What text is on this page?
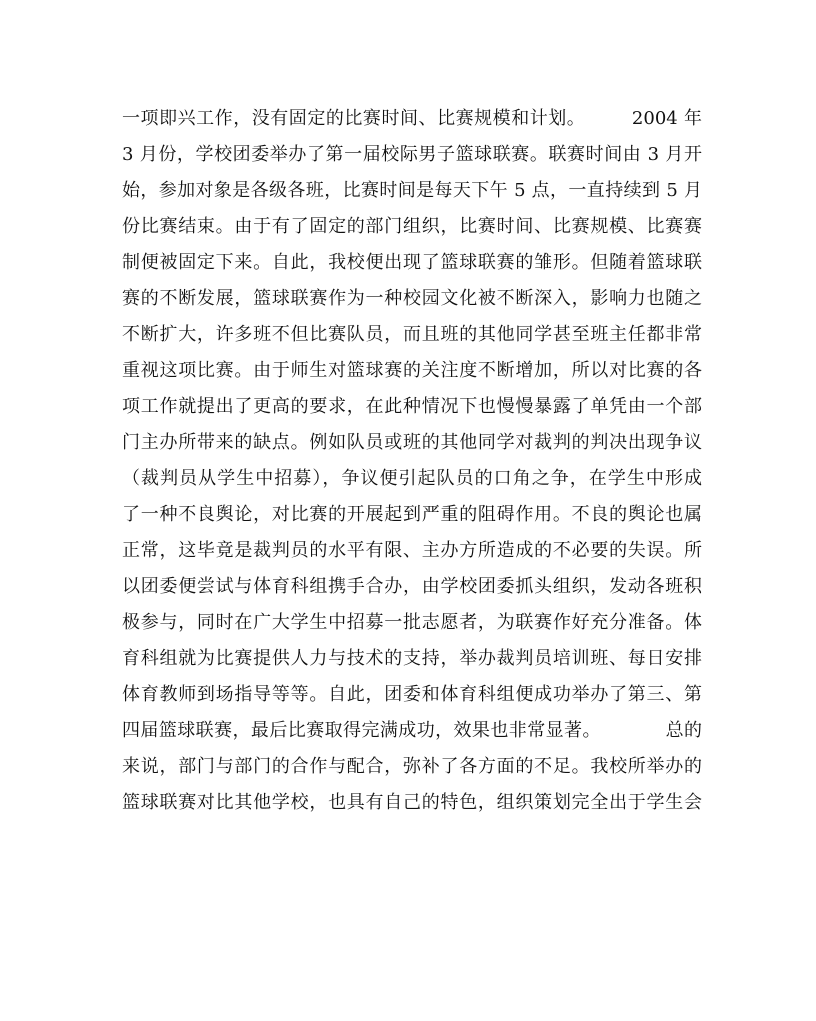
一项即兴工作，没有固定的比赛时间、比赛规模和计划。　　　2004 年
3 月份，学校团委举办了第一届校际男子篮球联赛。联赛时间由 3 月开
始，参加对象是各级各班，比赛时间是每天下午 5 点，一直持续到 5 月
份比赛结束。由于有了固定的部门组织，比赛时间、比赛规模、比赛赛
制便被固定下来。自此，我校便出现了篮球联赛的雏形。但随着篮球联
赛的不断发展，篮球联赛作为一种校园文化被不断深入，影响力也随之
不断扩大，许多班不但比赛队员，而且班的其他同学甚至班主任都非常
重视这项比赛。由于师生对篮球赛的关注度不断增加，所以对比赛的各
项工作就提出了更高的要求，在此种情况下也慢慢暴露了单凭由一个部
门主办所带来的缺点。例如队员或班的其他同学对裁判的判决出现争议
（裁判员从学生中招募），争议便引起队员的口角之争，在学生中形成
了一种不良舆论，对比赛的开展起到严重的阻碍作用。不良的舆论也属
正常，这毕竟是裁判员的水平有限、主办方所造成的不必要的失误。所
以团委便尝试与体育科组携手合办，由学校团委抓头组织，发动各班积
极参与，同时在广大学生中招募一批志愿者，为联赛作好充分准备。体
育科组就为比赛提供人力与技术的支持，举办裁判员培训班、每日安排
体育教师到场指导等等。自此，团委和体育科组便成功举办了第三、第
四届篮球联赛，最后比赛取得完满成功，效果也非常显著。　　　　总的
来说，部门与部门的合作与配合，弥补了各方面的不足。我校所举办的
篮球联赛对比其他学校，也具有自己的特色，组织策划完全出于学生会
